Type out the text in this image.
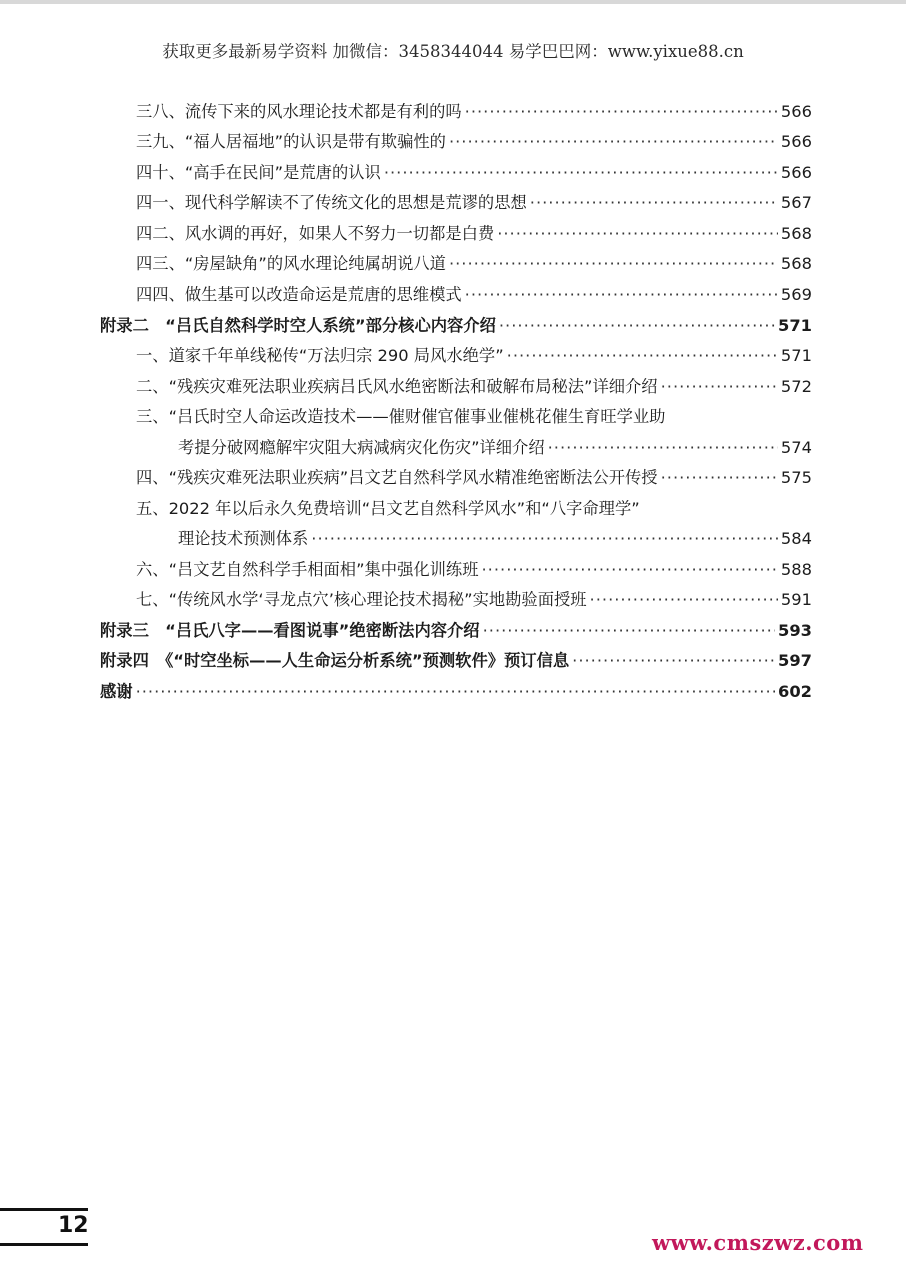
获取更多最新易学资料 加微信：3458344044 易学巴巴网：www.yixue88.cn
三八、流传下来的风水理论技术都是有利的吗 ·····	566
三九、“福人居福地”的认识是带有欺骗性的 ·····	566
四十、“高手在民间”是荒唐的认识 ·····	566
四一、现代科学解读不了传统文化的思想是荒谬的思想 ·····	567
四二、风水调的再好，如果人不努力一切都是白费 ·····	568
四三、“房屋缺角”的风水理论纯属胡说八道 ·····	568
四四、做生基可以改造命运是荒唐的思维模式 ·····	569
附录二　“吕氏自然科学时空人系统”部分核心内容介绍 ·····	571
一、道家千年单线秘传“万法归宗 290 局风水绝学” ·····	571
二、“残疾灾难死法职业疾病吕氏风水绝密断法和破解布局秘法”详细介绍 ·····	572
三、“吕氏时空人命运改造技术——催财催官催事业催桃花催生育旺学业助
考提分破网瘾解牢灾阻大病减病灾化伤灾”详细介绍 ·····	574
四、“残疾灾难死法职业疾病”吕文艺自然科学风水精准绝密断法公开传授 ·····	575
五、2022 年以后永久免费培训“吕文艺自然科学风水”和“八字命理学”
理论技术预测体系 ·····	584
六、“吕文艺自然科学手相面相”集中强化训练班 ·····	588
七、“传统风水学‘寻龙点穴’核心理论技术揭秘”实地勘验面授班 ·····	591
附录三　“吕氏八字——看图说事”绝密断法内容介绍 ·····	593
附录四　《“时空坐标——人生命运分析系统”预测软件》预订信息 ·····	597
感谢 ·····	602
12
www.cmszwz.com
